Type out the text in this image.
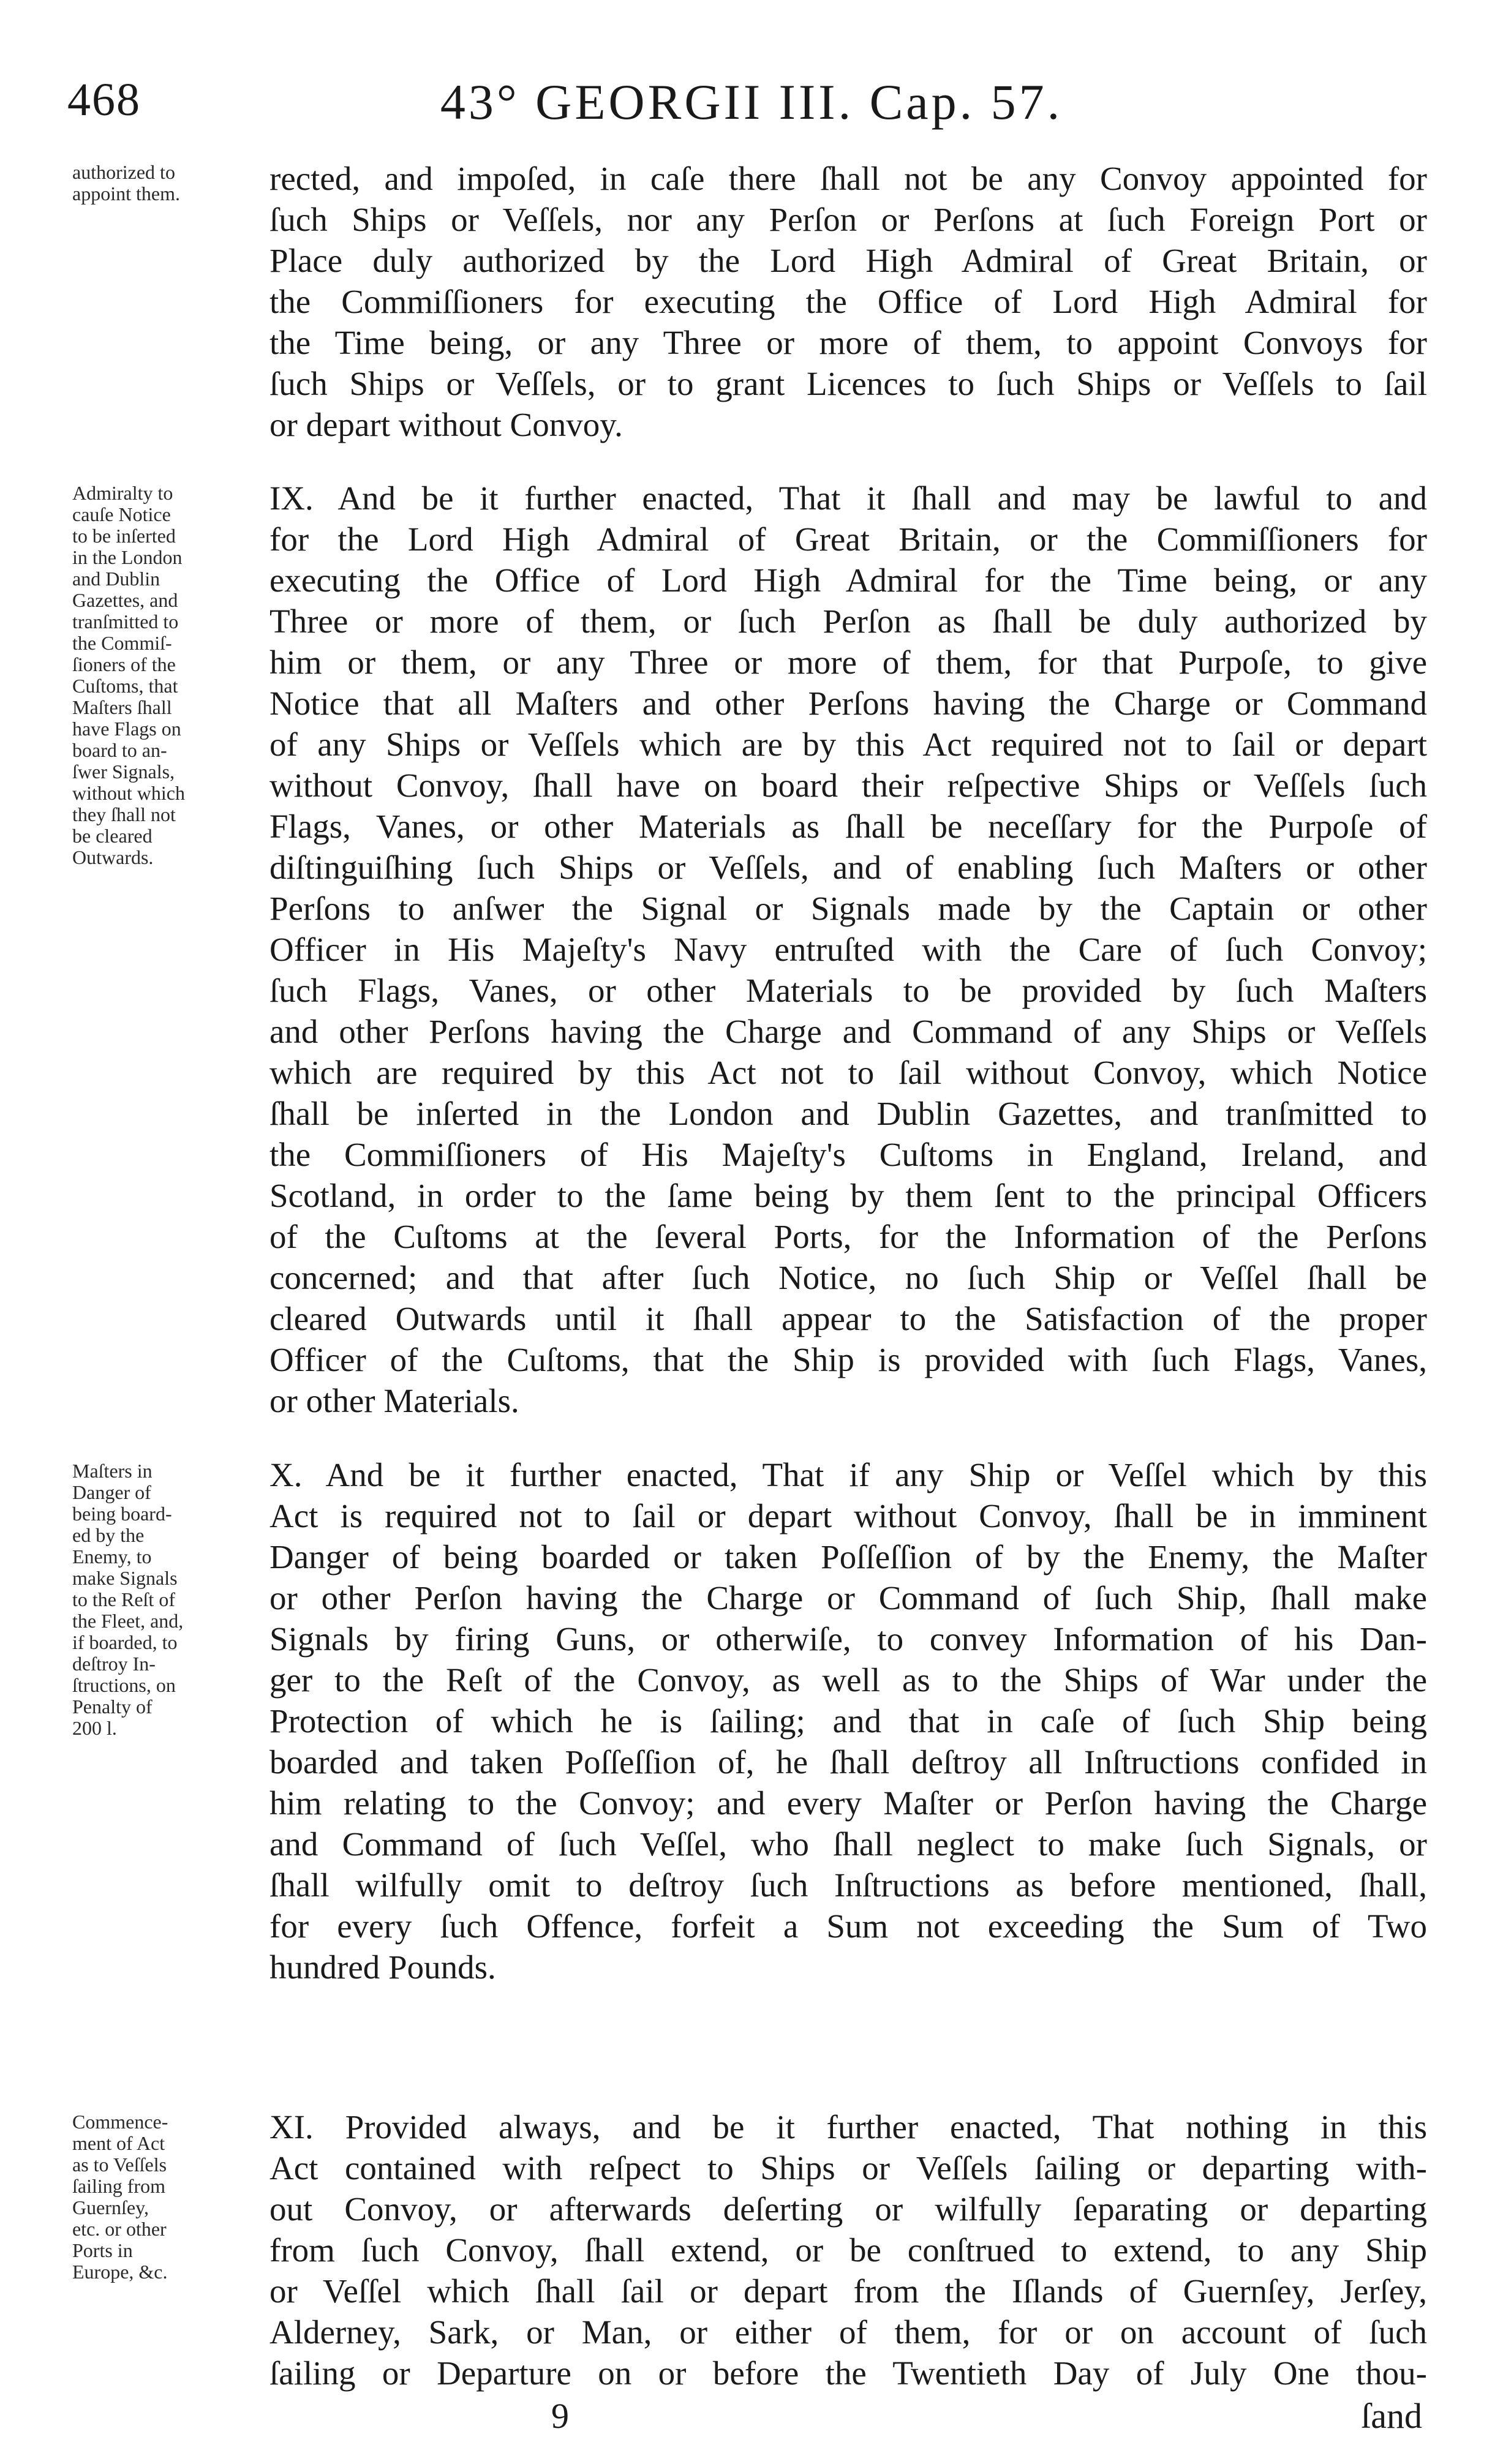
468	43° GEORGII III. Cap. 57.
authorized to
appoint them.	rected, and impoſed, in caſe there ſhall not be any Convoy appointed for
ſuch Ships or Veſſels, nor any Perſon or Perſons at ſuch Foreign Port or
Place duly authorized by the Lord High Admiral of Great Britain, or
the Commiſſioners for executing the Office of Lord High Admiral for
the Time being, or any Three or more of them, to appoint Convoys for
ſuch Ships or Veſſels, or to grant Licences to ſuch Ships or Veſſels to ſail
or depart without Convoy.
Admiralty to
cauſe Notice
to be inſerted
in the London
and Dublin
Gazettes, and
tranſmitted to
the Commiſ-
ſioners of the
Cuſtoms, that
Maſters ſhall
have Flags on
board to an-
ſwer Signals,
without which
they ſhall not
be cleared
Outwards.
IX. And be it further enacted, That it ſhall and may be lawful to and
for the Lord High Admiral of Great Britain, or the Commiſſioners for
executing the Office of Lord High Admiral for the Time being, or any
Three or more of them, or ſuch Perſon as ſhall be duly authorized by
him or them, or any Three or more of them, for that Purpoſe, to give
Notice that all Maſters and other Perſons having the Charge or Command
of any Ships or Veſſels which are by this Act required not to ſail or depart
without Convoy, ſhall have on board their reſpective Ships or Veſſels ſuch
Flags, Vanes, or other Materials as ſhall be neceſſary for the Purpoſe of
diſtinguiſhing ſuch Ships or Veſſels, and of enabling ſuch Maſters or other
Perſons to anſwer the Signal or Signals made by the Captain or other
Officer in His Majeſty's Navy entruſted with the Care of ſuch Convoy;
ſuch Flags, Vanes, or other Materials to be provided by ſuch Maſters
and other Perſons having the Charge and Command of any Ships or Veſſels
which are required by this Act not to ſail without Convoy, which Notice
ſhall be inſerted in the London and Dublin Gazettes, and tranſmitted to
the Commiſſioners of His Majeſty's Cuſtoms in England, Ireland, and
Scotland, in order to the ſame being by them ſent to the principal Officers
of the Cuſtoms at the ſeveral Ports, for the Information of the Perſons
concerned; and that after ſuch Notice, no ſuch Ship or Veſſel ſhall be
cleared Outwards until it ſhall appear to the Satisfaction of the proper
Officer of the Cuſtoms, that the Ship is provided with ſuch Flags, Vanes,
or other Materials.
Maſters in
Danger of
being board-
ed by the
Enemy, to
make Signals
to the Reſt of
the Fleet, and,
if boarded, to
deſtroy In-
ſtructions, on
Penalty of
200 l.
X. And be it further enacted, That if any Ship or Veſſel which by this
Act is required not to ſail or depart without Convoy, ſhall be in imminent
Danger of being boarded or taken Poſſeſſion of by the Enemy, the Maſter
or other Perſon having the Charge or Command of ſuch Ship, ſhall make
Signals by firing Guns, or otherwiſe, to convey Information of his Dan-
ger to the Reſt of the Convoy, as well as to the Ships of War under the
Protection of which he is ſailing; and that in caſe of ſuch Ship being
boarded and taken Poſſeſſion of, he ſhall deſtroy all Inſtructions confided in
him relating to the Convoy; and every Maſter or Perſon having the Charge
and Command of ſuch Veſſel, who ſhall neglect to make ſuch Signals, or
ſhall wilfully omit to deſtroy ſuch Inſtructions as before mentioned, ſhall,
for every ſuch Offence, forfeit a Sum not exceeding the Sum of Two
hundred Pounds.
Commence-
ment of Act
as to Veſſels
ſailing from
Guernſey,
etc. or other
Ports in
Europe, &c.
XI. Provided always, and be it further enacted, That nothing in this
Act contained with reſpect to Ships or Veſſels ſailing or departing with-
out Convoy, or afterwards deſerting or wilfully ſeparating or departing
from ſuch Convoy, ſhall extend, or be conſtrued to extend, to any Ship
or Veſſel which ſhall ſail or depart from the Iſlands of Guernſey, Jerſey,
Alderney, Sark, or Man, or either of them, for or on account of ſuch
ſailing or Departure on or before the Twentieth Day of July One thou-
9	ſand
